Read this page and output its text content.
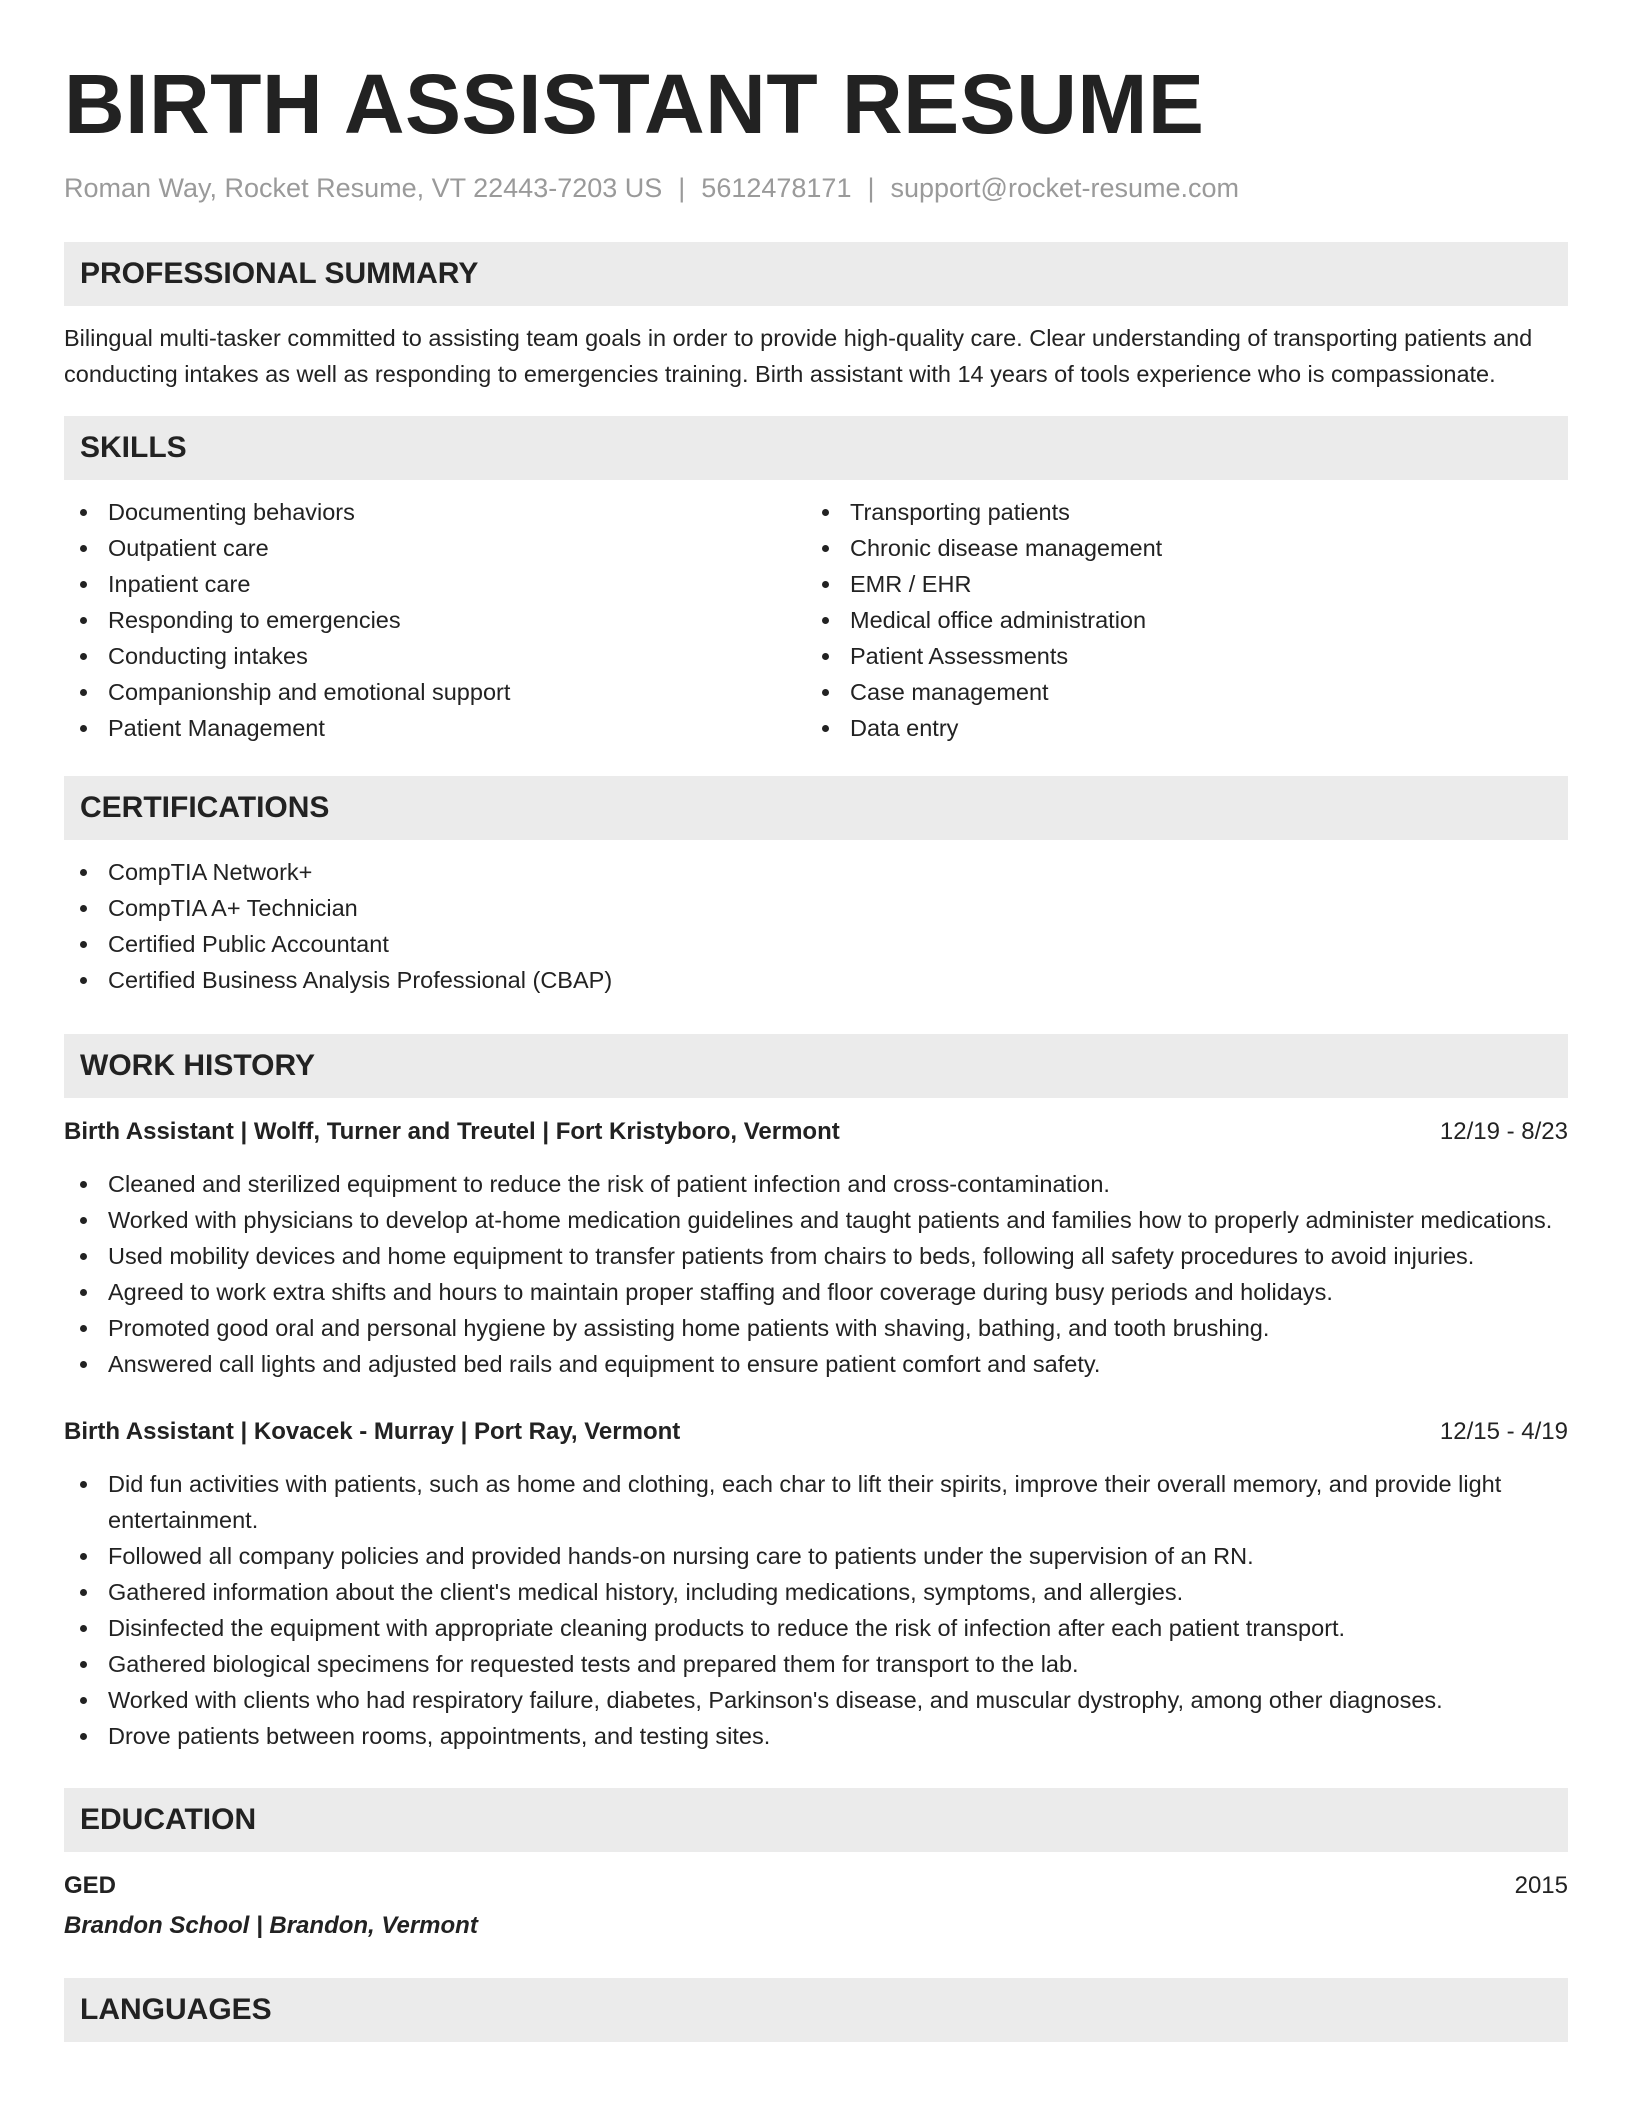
BIRTH ASSISTANT RESUME
Roman Way, Rocket Resume, VT 22443-7203 US | 5612478171 | support@rocket-resume.com
PROFESSIONAL SUMMARY

Bilingual multi-tasker committed to assisting team goals in order to provide high-quality care. Clear understanding of transporting patients and conducting intakes as well as responding to emergencies training. Birth assistant with 14 years of tools experience who is compassionate.

SKILLS
Documenting behaviors
Outpatient care
Inpatient care
Responding to emergencies
Conducting intakes
Companionship and emotional support
Patient Management
Transporting patients
Chronic disease management
EMR / EHR
Medical office administration
Patient Assessments
Case management
Data entry
CERTIFICATIONS
CompTIA Network+
CompTIA A+ Technician
Certified Public Accountant
Certified Business Analysis Professional (CBAP)
WORK HISTORY
Birth Assistant | Wolff, Turner and Treutel | Fort Kristyboro, Vermont	12/19 - 8/23
Cleaned and sterilized equipment to reduce the risk of patient infection and cross-contamination.
Worked with physicians to develop at-home medication guidelines and taught patients and families how to properly administer medications.
Used mobility devices and home equipment to transfer patients from chairs to beds, following all safety procedures to avoid injuries.
Agreed to work extra shifts and hours to maintain proper staffing and floor coverage during busy periods and holidays.
Promoted good oral and personal hygiene by assisting home patients with shaving, bathing, and tooth brushing.
Answered call lights and adjusted bed rails and equipment to ensure patient comfort and safety.
Birth Assistant | Kovacek - Murray | Port Ray, Vermont	12/15 - 4/19
Did fun activities with patients, such as home and clothing, each char to lift their spirits, improve their overall memory, and provide light entertainment.
Followed all company policies and provided hands-on nursing care to patients under the supervision of an RN.
Gathered information about the client's medical history, including medications, symptoms, and allergies.
Disinfected the equipment with appropriate cleaning products to reduce the risk of infection after each patient transport.
Gathered biological specimens for requested tests and prepared them for transport to the lab.
Worked with clients who had respiratory failure, diabetes, Parkinson's disease, and muscular dystrophy, among other diagnoses.
Drove patients between rooms, appointments, and testing sites.
EDUCATION
GED	2015
Brandon School | Brandon, Vermont
LANGUAGES
